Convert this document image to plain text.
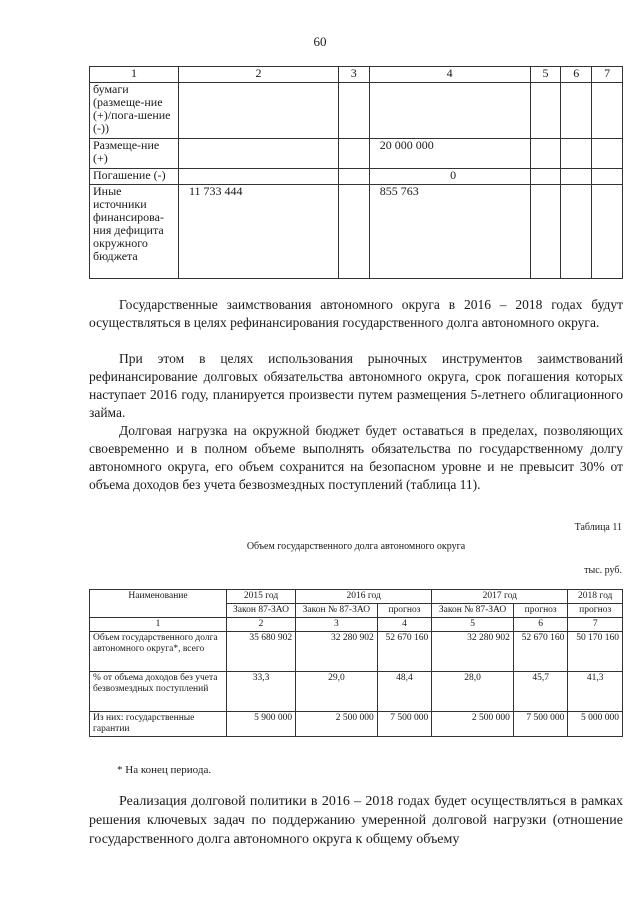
60
1	2	3	4	5	6	7
бумаги (размеще-ние (+)/пога-шение (-))						
Размеще-ние (+)			20 000 000			
Погашение (-)			0			
Иные источники финансирова-ния дефицита окружного бюджета	11 733 444		855 763			

Государственные заимствования автономного округа в 2016 – 2018 годах будут осуществляться в целях рефинансирования государственного долга автономного округа.

При этом в целях использования рыночных инструментов заимствований рефинансирование долговых обязательства автономного округа, срок погашения которых наступает 2016 году, планируется произвести путем размещения 5-летнего облигационного займа.

Долговая нагрузка на окружной бюджет будет оставаться в пределах, позволяющих своевременно и в полном объеме выполнять обязательства по государственному долгу автономного округа, его объем сохранится на безопасном уровне и не превысит 30% от объема доходов без учета безвозмездных поступлений (таблица 11).

Таблица 11
Объем государственного долга автономного округа
тыс. руб.
Наименование	2015 год	2016 год		2017 год		2018 год
	Закон 87-ЗАО	Закон № 87-ЗАО	прогноз	Закон № 87-ЗАО	прогноз	прогноз
1	2	3	4	5	6	7
Объем государственного долга автономного округа*, всего	35 680 902	32 280 902	52 670 160	32 280 902	52 670 160	50 170 160
% от объема доходов без учета безвозмездных поступлений	33,3	29,0	48,4	28,0	45,7	41,3
Из них: государственные гарантии	5 900 000	2 500 000	7 500 000	2 500 000	7 500 000	5 000 000
* На конец периода.

Реализация долговой политики в 2016 – 2018 годах будет осуществляться в рамках решения ключевых задач по поддержанию умеренной долговой нагрузки (отношение государственного долга автономного округа к общему объему
